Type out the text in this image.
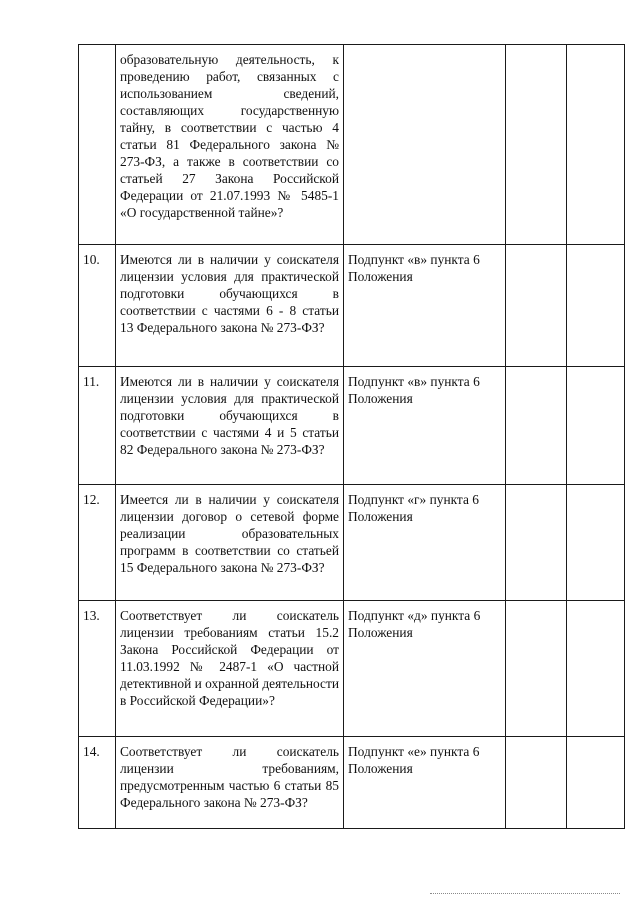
	образовательную деятельность, к проведению работ, связанных с использованием сведений, составляющих государственную тайну, в соответствии с частью 4 статьи 81 Федерального закона № 273-ФЗ, а также в соответствии со статьей 27 Закона Российской Федерации от 21.07.1993 № 5485-1 «О государственной тайне»?			
10.	Имеются ли в наличии у соискателя лицензии условия для практической подготовки обучающихся в соответствии с частями 6 - 8 статьи 13 Федерального закона № 273-ФЗ?	Подпункт «в» пункта 6 Положения		
11.	Имеются ли в наличии у соискателя лицензии условия для практической подготовки обучающихся в соответствии с частями 4 и 5 статьи 82 Федерального закона № 273-ФЗ?	Подпункт «в» пункта 6 Положения		
12.	Имеется ли в наличии у соискателя лицензии договор о сетевой форме реализации образовательных программ в соответствии со статьей 15 Федерального закона № 273-ФЗ?	Подпункт «г» пункта 6 Положения		
13.	Соответствует ли соискатель лицензии требованиям статьи 15.2 Закона Российской Федерации от 11.03.1992 № 2487-1 «О частной детективной и охранной деятельности в Российской Федерации»?	Подпункт «д» пункта 6 Положения		
14.	Соответствует ли соискатель лицензии требованиям, предусмотренным частью 6 статьи 85 Федерального закона № 273-ФЗ?	Подпункт «е» пункта 6 Положения		
